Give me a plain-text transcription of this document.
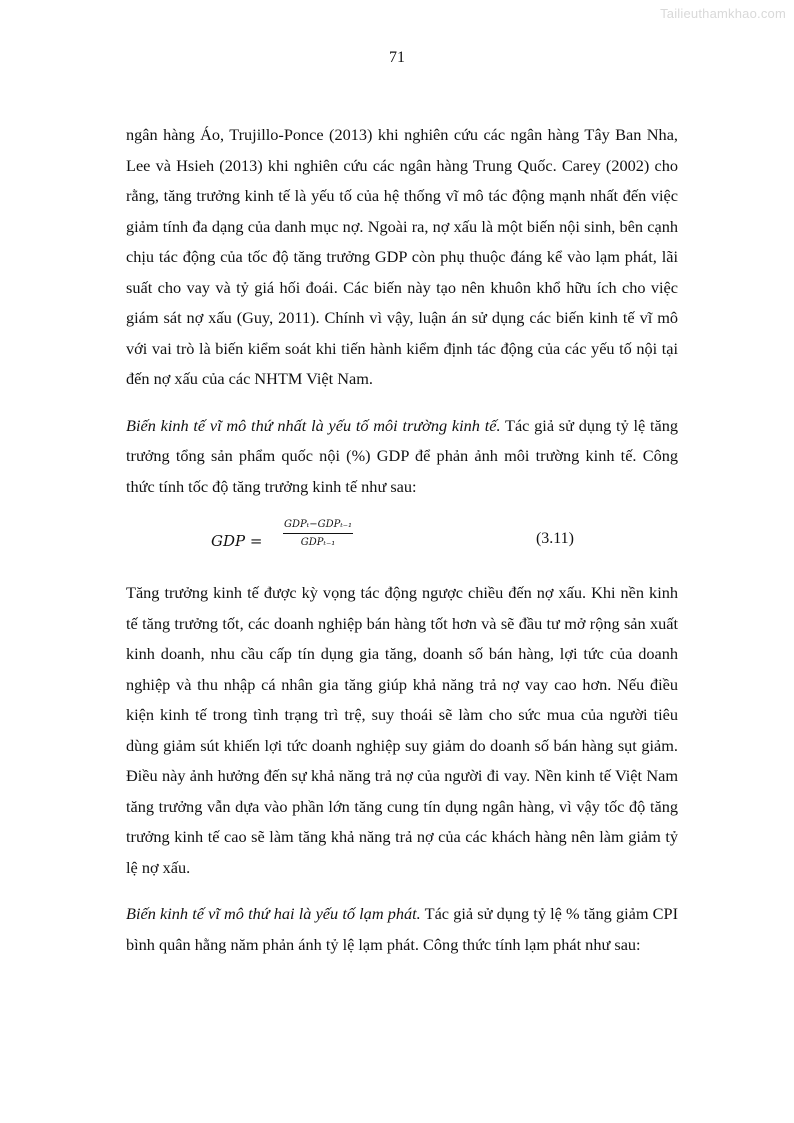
Tailieuthamkhao.com
71

ngân hàng Áo, Trujillo-Ponce (2013) khi nghiên cứu các ngân hàng Tây Ban Nha, Lee và Hsieh (2013) khi nghiên cứu các ngân hàng Trung Quốc. Carey (2002) cho rằng, tăng trưởng kinh tế là yếu tố của hệ thống vĩ mô tác động mạnh nhất đến việc giảm tính đa dạng của danh mục nợ. Ngoài ra, nợ xấu là một biến nội sinh, bên cạnh chịu tác động của tốc độ tăng trưởng GDP còn phụ thuộc đáng kể vào lạm phát, lãi suất cho vay và tỷ giá hối đoái. Các biến này tạo nên khuôn khổ hữu ích cho việc giám sát nợ xấu (Guy, 2011). Chính vì vậy, luận án sử dụng các biến kinh tế vĩ mô với vai trò là biến kiểm soát khi tiến hành kiểm định tác động của các yếu tố nội tại đến nợ xấu của các NHTM Việt Nam.

Biến kinh tế vĩ mô thứ nhất là yếu tố môi trường kinh tế. Tác giả sử dụng tỷ lệ tăng trưởng tổng sản phẩm quốc nội (%) GDP để phản ảnh môi trường kinh tế. Công thức tính tốc độ tăng trưởng kinh tế như sau:

GDP =
GDPₜ−GDPₜ₋₁
GDPₜ₋₁	(3.11)

Tăng trưởng kinh tế được kỳ vọng tác động ngược chiều đến nợ xấu. Khi nền kinh tế tăng trưởng tốt, các doanh nghiệp bán hàng tốt hơn và sẽ đầu tư mở rộng sản xuất kinh doanh, nhu cầu cấp tín dụng gia tăng, doanh số bán hàng, lợi tức của doanh nghiệp và thu nhập cá nhân gia tăng giúp khả năng trả nợ vay cao hơn. Nếu điều kiện kinh tế trong tình trạng trì trệ, suy thoái sẽ làm cho sức mua của người tiêu dùng giảm sút khiến lợi tức doanh nghiệp suy giảm do doanh số bán hàng sụt giảm. Điều này ảnh hưởng đến sự khả năng trả nợ của người đi vay. Nền kinh tế Việt Nam tăng trưởng vẫn dựa vào phần lớn tăng cung tín dụng ngân hàng, vì vậy tốc độ tăng trưởng kinh tế cao sẽ làm tăng khả năng trả nợ của các khách hàng nên làm giảm tỷ lệ nợ xấu.

Biến kinh tế vĩ mô thứ hai là yếu tố lạm phát. Tác giả sử dụng tỷ lệ % tăng giảm CPI bình quân hằng năm phản ánh tỷ lệ lạm phát. Công thức tính lạm phát như sau:
